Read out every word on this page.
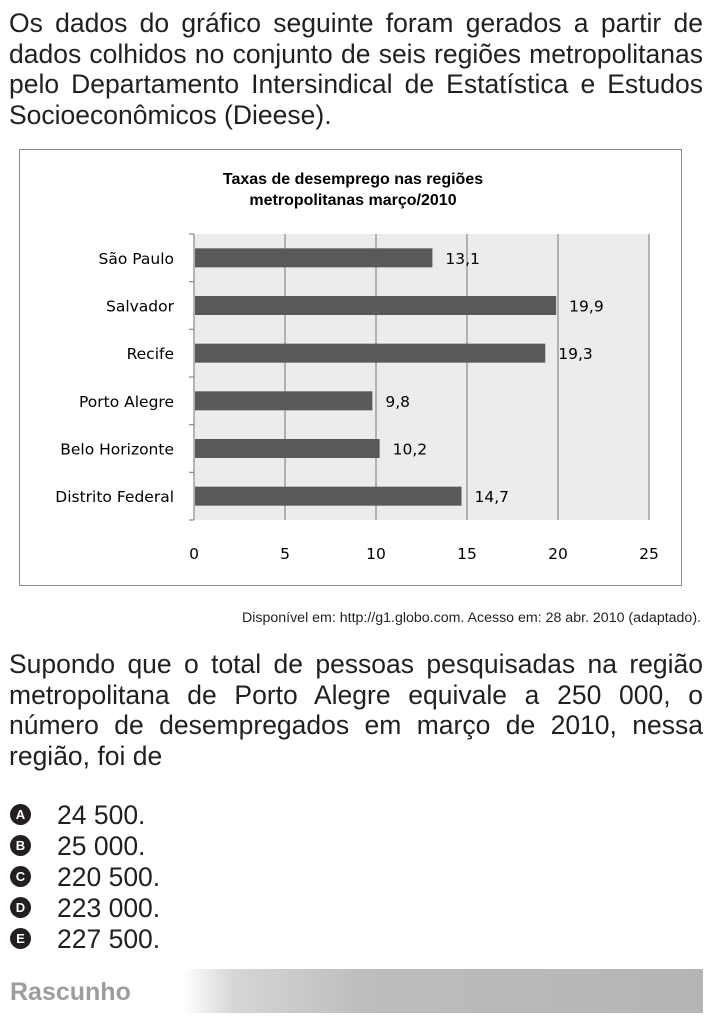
Os dados do gráfico seguinte foram gerados a partir de dados colhidos no conjunto de seis regiões metropolitanas pelo Departamento Intersindical de Estatística e Estudos Socioeconômicos (Dieese).

Taxas de desemprego nas regiões
metropolitanas março/2010
0	5	10	15	20	25
São Paulo	13,1
Salvador	19,9
Recife	19,3
Porto Alegre	9,8
Belo Horizonte	10,2
Distrito Federal	14,7

Disponível em: http://g1.globo.com. Acesso em: 28 abr. 2010 (adaptado).

Supondo que o total de pessoas pesquisadas na região metropolitana de Porto Alegre equivale a 250 000, o número de desempregados em março de 2010, nessa região, foi de

A 24 500.
B 25 000.
C 220 500.
D 223 000.
E 227 500.

Rascunho
